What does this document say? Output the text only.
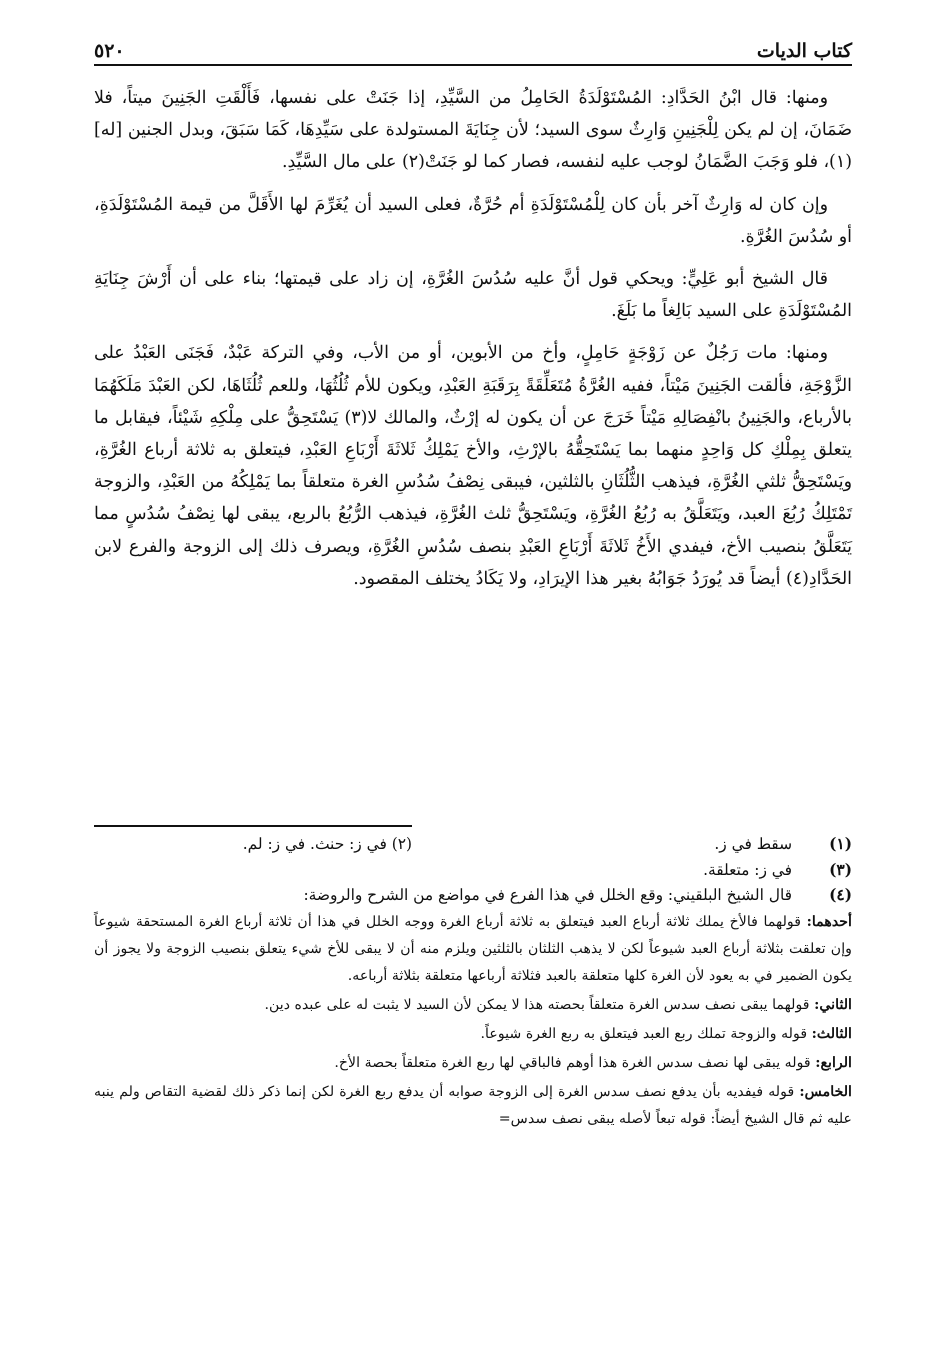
كتاب الديات
٥٢٠

ومنها: قال ابْنُ الحَدَّادِ: المُسْتَوْلَدَةُ الحَامِلُ من السَّيِّدِ، إذا جَنَتْ على نفسها، فَأَلْقَتِ الجَنِينَ ميتاً، فلا ضَمَانَ، إن لم يكن لِلْجَنِينِ وَارِثٌ سوى السيد؛ لأن جِنَايَةَ المستولدة على سَيِّدِهَا، كَمَا سَبَقَ، وبدل الجنين [له](١)، فلو وَجَبَ الضَّمَانُ لوجب عليه لنفسه، فصار كما لو جَنَتْ(٢) على مال السَّيِّدِ.

وإن كان له وَارِثٌ آخر بأن كان لِلْمُسْتَوْلَدَةِ أم حُرَّةٌ، فعلى السيد أن يُغَرِّمَ لها الأَقَلَّ من قيمة المُسْتَوْلَدَةِ، أو سُدُسَ الغُرَّةِ.

قال الشيخ أبو عَلِيٍّ: ويحكي قول أنَّ عليه سُدُسَ الغُرَّةِ، إن زاد على قيمتها؛ بناء على أن أَرْشَ جِنَايَةِ المُسْتَوْلَدَةِ على السيد بَالِغاً ما بَلَغَ.

ومنها: مات رَجُلٌ عن زَوْجَةٍ حَامِلٍ، وأخ من الأبوين، أو من الأب، وفي التركة عَبْدٌ، فَجَنَى العَبْدُ على الزَّوْجَةِ، فألقت الجَنِينَ مَيْتاً، ففيه الغُرَّةُ مُتَعَلِّقَةً بِرَقَبَةِ العَبْدِ، ويكون للأم ثُلُثُهَا، وللعم ثُلُثَاهَا، لكن العَبْدَ مَلَكَهُمَا بالأرباع، والجَنِينُ بانْفِصَالِهِ مَيْتاً خَرَجَ عن أن يكون له إرْثٌ، والمالك لا(٣) يَسْتَحِقُّ على مِلْكِهِ شَيْئاً، فيقابل ما يتعلق بِمِلْكِ كل وَاحِدٍ منهما بما يَسْتَحِقُّهُ بالإرْثِ، والأخ يَمْلِكُ ثَلاثَةَ أَرْبَاعِ العَبْدِ، فيتعلق به ثلاثة أرباع الغُرَّةِ، ويَسْتَحِقُّ ثلثي الغُرَّةِ، فيذهب الثُّلُثَانِ بالثلثين، فيبقى نِصْفُ سُدُسِ الغرة متعلقاً بما يَمْلِكُهُ من العَبْدِ، والزوجة تَمْتَلِكُ رُبُعَ العبد، ويَتَعَلَّقُ به رُبُعُ الغُرَّةِ، ويَسْتَحِقُّ ثلث الغُرَّةِ، فيذهب الرُّبُعُ بالربع، يبقى لها نِصْفُ سُدُسٍ مما يَتَعَلَّقُ بنصيب الأخ، فيفدي الأَخُ ثَلاثَةَ أَرْبَاعِ العَبْدِ بنصف سُدُسِ الغُرَّةِ، ويصرف ذلك إلى الزوجة والفرع لابن الحَدَّادِ(٤) أيضاً قد يُورَدُ جَوَابُهُ بغير هذا الإيرَادِ، ولا يَكَادُ يختلف المقصود.

(١)
سقط في ز.
(٢) في ز: حنث. في ز: لم.
(٣)
في ز: متعلقة.
(٤)
قال الشيخ البلقيني: وقع الخلل في هذا الفرع في مواضع من الشرح والروضة:

أحدهما: قولهما فالأخ يملك ثلاثة أرباع العبد فيتعلق به ثلاثة أرباع الغرة ووجه الخلل في هذا أن ثلاثة أرباع الغرة المستحقة شيوعاً وإن تعلقت بثلاثة أرباع العبد شيوعاً لكن لا يذهب الثلثان بالثلثين ويلزم منه أن لا يبقى للأخ شيء يتعلق بنصيب الزوجة ولا يجوز أن يكون الضمير في به يعود لأن الغرة كلها متعلقة بالعبد فثلاثة أرباعها متعلقة بثلاثة أرباعه.

الثاني: قولهما يبقى نصف سدس الغرة متعلقاً بحصته هذا لا يمكن لأن السيد لا يثبت له على عبده دين.

الثالث: قوله والزوجة تملك ربع العبد فيتعلق به ربع الغرة شيوعاً.

الرابع: قوله يبقى لها نصف سدس الغرة هذا أوهم فالباقي لها ربع الغرة متعلقاً بحصة الأخ.

الخامس: قوله فيفديه بأن يدفع نصف سدس الغرة إلى الزوجة صوابه أن يدفع ربع الغرة لكن إنما ذكر ذلك لقضية التقاص ولم ينبه عليه ثم قال الشيخ أيضاً: قوله تبعاً لأصله يبقى نصف سدس=
